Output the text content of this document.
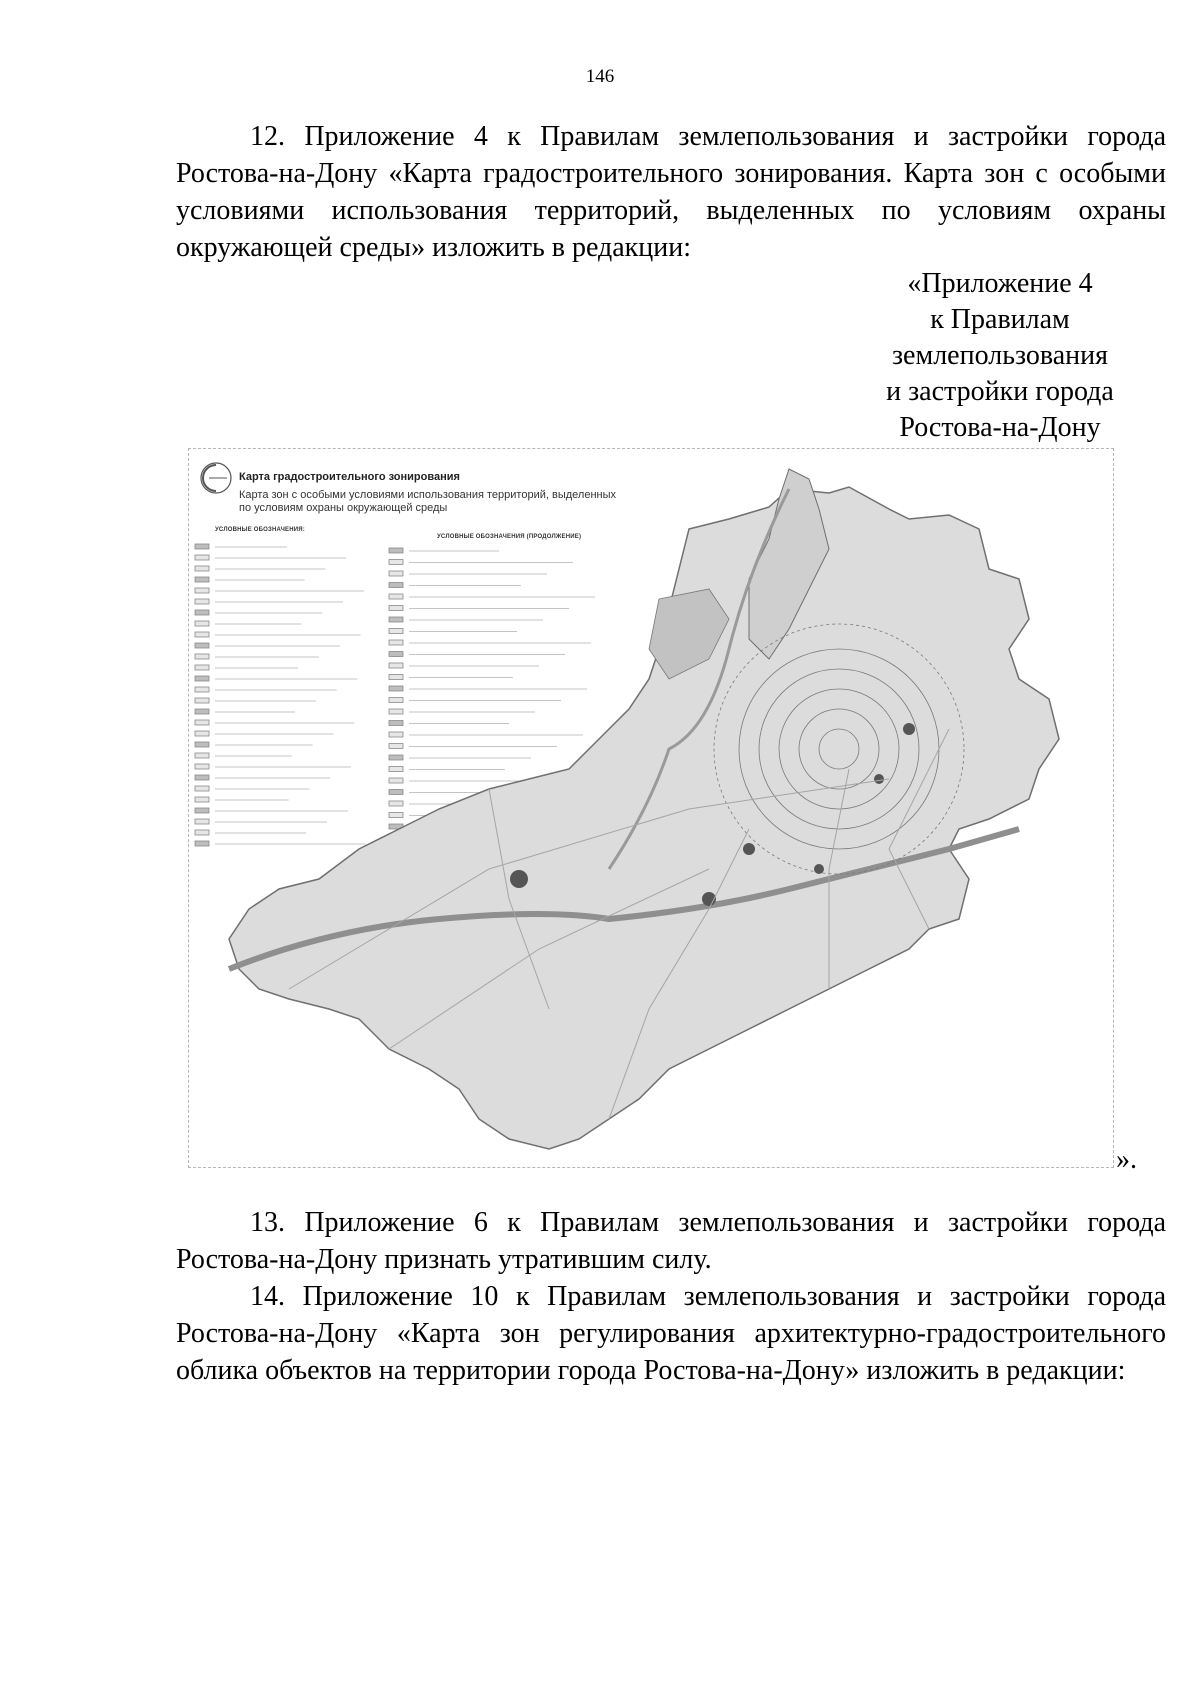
146
12. Приложение 4 к Правилам землепользования и застройки города Ростова-на-Дону «Карта градостроительного зонирования. Карта зон с особыми условиями использования территорий, выделенных по условиям охраны окружающей среды» изложить в редакции:
«Приложение 4
к Правилам
землепользования
и застройки города
Ростова-на-Дону
Карта градостроительного зонирования
Карта зон с особыми условиями использования территорий, выделенных по условиям охраны окружающей среды
УСЛОВНЫЕ ОБОЗНАЧЕНИЯ:
УСЛОВНЫЕ ОБОЗНАЧЕНИЯ (ПРОДОЛЖЕНИЕ)
».
13. Приложение 6 к Правилам землепользования и застройки города Ростова-на-Дону признать утратившим силу.
14. Приложение 10 к Правилам землепользования и застройки города Ростова-на-Дону «Карта зон регулирования архитектурно-градостроительного облика объектов на территории города Ростова-на-Дону» изложить в редакции:
